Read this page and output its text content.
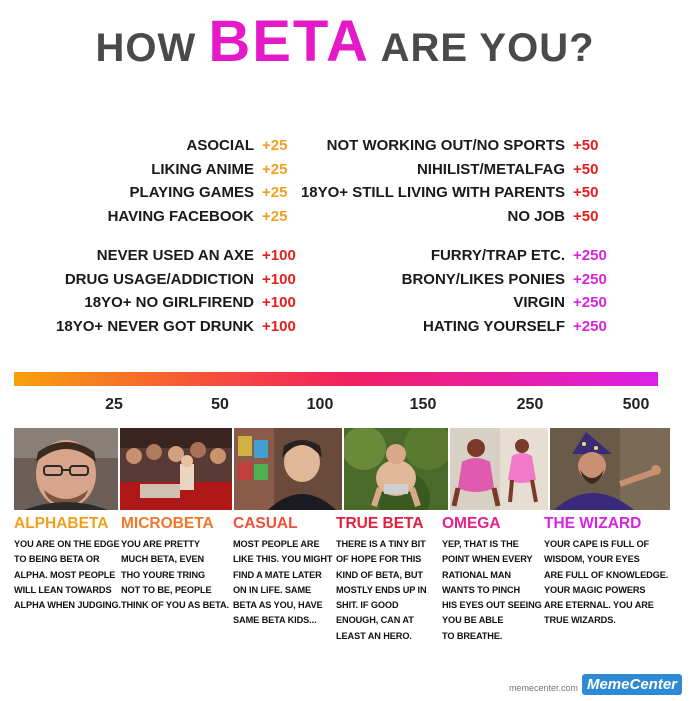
HOW BETA ARE YOU?
ASOCIAL +25
LIKING ANIME +25
PLAYING GAMES +25
HAVING FACEBOOK +25
NEVER USED AN AXE +100
DRUG USAGE/ADDICTION +100
18YO+ NO GIRLFIREND +100
18YO+ NEVER GOT DRUNK +100
NOT WORKING OUT/NO SPORTS +50
NIHILIST/METALFAG +50
18YO+ STILL LIVING WITH PARENTS +50
NO JOB +50
FURRY/TRAP ETC. +250
BRONY/LIKES PONIES +250
VIRGIN +250
HATING YOURSELF +250
25	50	100	150	250	500
ALPHABETA
YOU ARE ON THE EDGE
TO BEING BETA OR
ALPHA. MOST PEOPLE
WILL LEAN TOWARDS
ALPHA WHEN JUDGING.
MICROBETA
YOU ARE PRETTY
MUCH BETA, EVEN
THO YOURE TRING
NOT TO BE, PEOPLE
THINK OF YOU AS BETA.
CASUAL
MOST PEOPLE ARE
LIKE THIS. YOU MIGHT
FIND A MATE LATER
ON IN LIFE. SAME
BETA AS YOU, HAVE
SAME BETA KIDS...
TRUE BETA
THERE IS A TINY BIT
OF HOPE FOR THIS
KIND OF BETA, BUT
MOSTLY ENDS UP IN
SHIT. IF GOOD
ENOUGH, CAN AT
LEAST AN HERO.
OMEGA
YEP, THAT IS THE
POINT WHEN EVERY
RATIONAL MAN
WANTS TO PINCH
HIS EYES OUT SEEING
YOU BE ABLE
TO BREATHE.
THE WIZARD
YOUR CAPE IS FULL OF
WISDOM, YOUR EYES
ARE FULL OF KNOWLEDGE.
YOUR MAGIC POWERS
ARE ETERNAL. YOU ARE
TRUE WIZARDS.
memecenter.com MemeCenter
